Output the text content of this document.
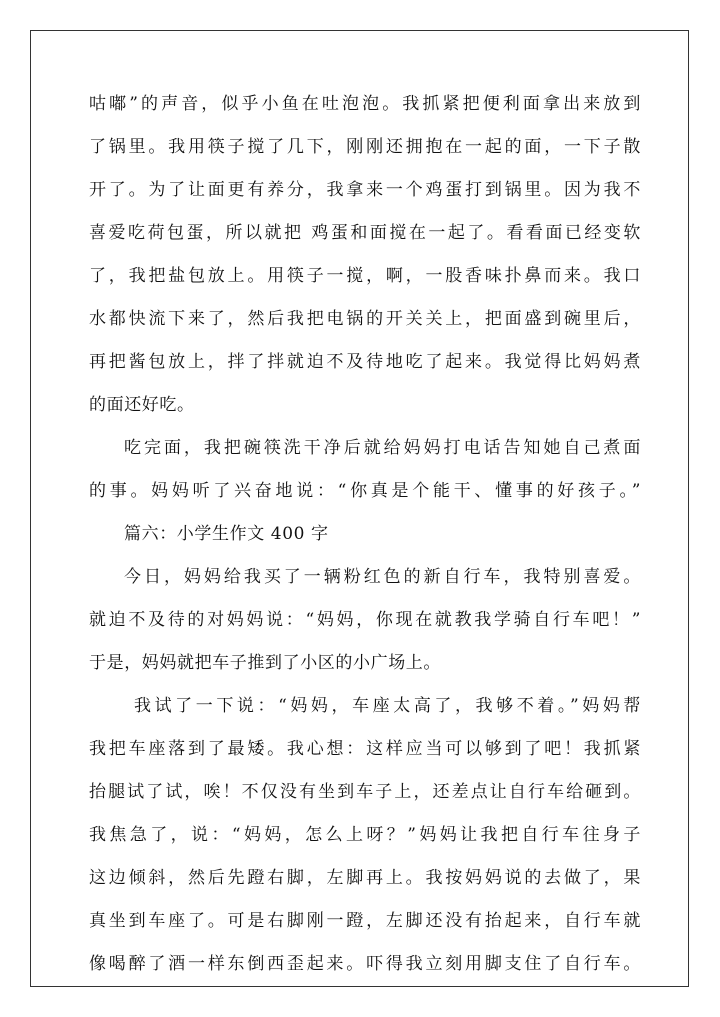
咕嘟”的声音，似乎小鱼在吐泡泡。我抓紧把便利面拿出来放到
了锅里。我用筷子搅了几下，刚刚还拥抱在一起的面，一下子散
开了。为了让面更有养分，我拿来一个鸡蛋打到锅里。因为我不
喜爱吃荷包蛋，所以就把 鸡蛋和面搅在一起了。看看面已经变软
了，我把盐包放上。用筷子一搅，啊，一股香味扑鼻而来。我口
水都快流下来了，然后我把电锅的开关关上，把面盛到碗里后，
再把酱包放上，拌了拌就迫不及待地吃了起来。我觉得比妈妈煮
的面还好吃。
吃完面，我把碗筷洗干净后就给妈妈打电话告知她自己煮面
的事。妈妈听了兴奋地说：“你真是个能干、懂事的好孩子。”
篇六：小学生作文 400 字
今日，妈妈给我买了一辆粉红色的新自行车，我特别喜爱。
就迫不及待的对妈妈说：“妈妈，你现在就教我学骑自行车吧！”
于是，妈妈就把车子推到了小区的小广场上。
我试了一下说：“妈妈，车座太高了，我够不着。”妈妈帮
我把车座落到了最矮。我心想：这样应当可以够到了吧！我抓紧
抬腿试了试，唉！不仅没有坐到车子上，还差点让自行车给砸到。
我焦急了，说：“妈妈，怎么上呀？”妈妈让我把自行车往身子
这边倾斜，然后先蹬右脚，左脚再上。我按妈妈说的去做了，果
真坐到车座了。可是右脚刚一蹬，左脚还没有抬起来，自行车就
像喝醉了酒一样东倒西歪起来。吓得我立刻用脚支住了自行车。
